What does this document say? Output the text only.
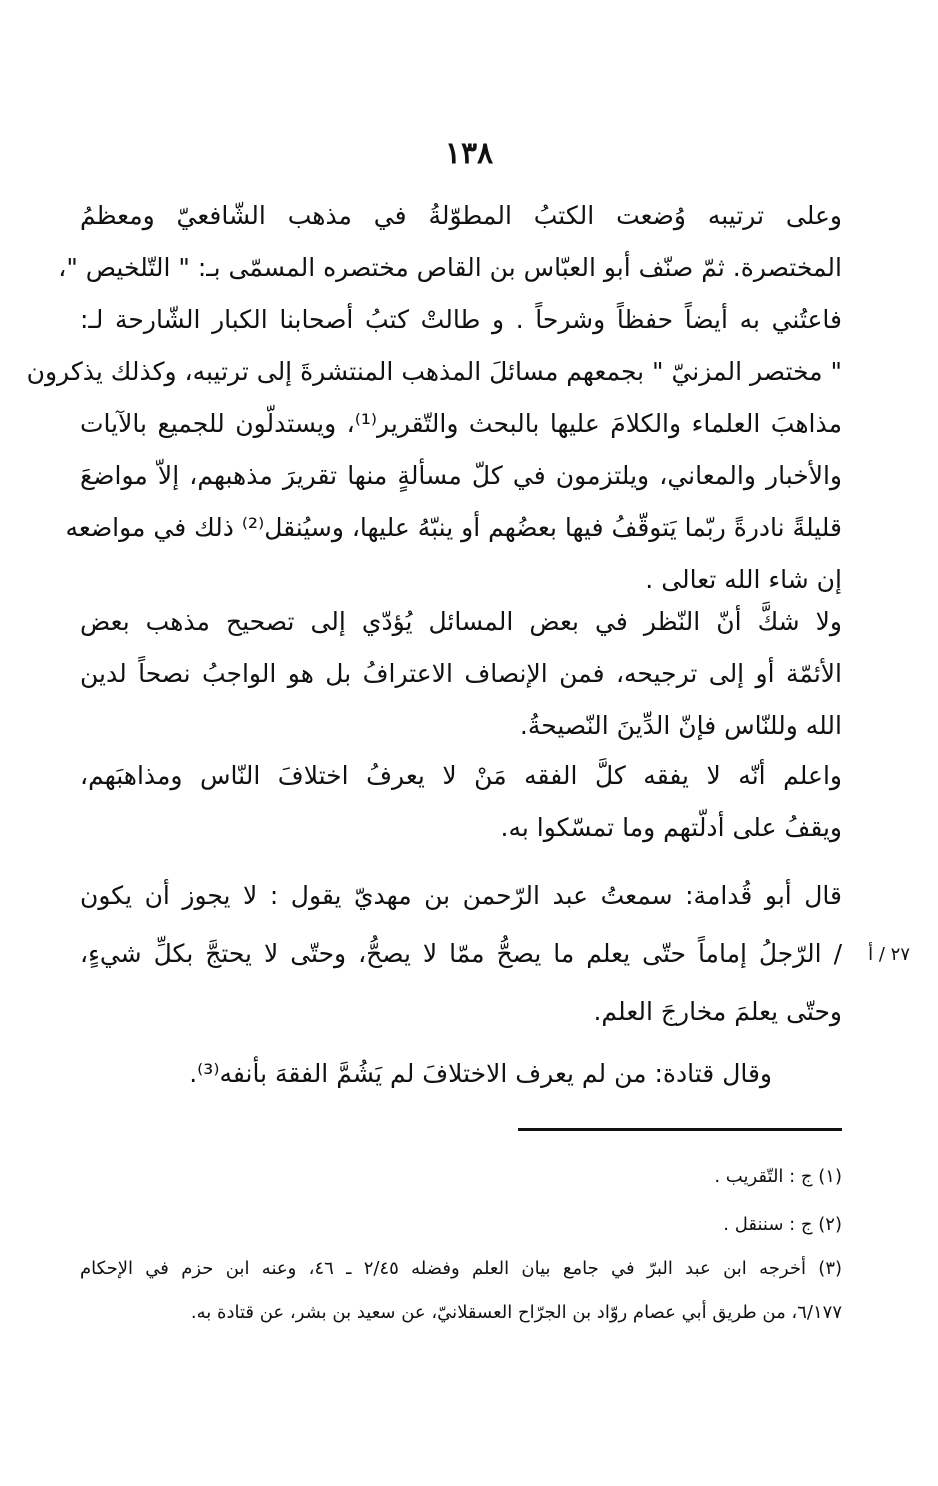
١٣٨
وعلى ترتيبه وُضعت الكتبُ المطوّلةُ في مذهب الشّافعيّ ومعظمُ
المختصرة. ثمّ صنّف أبو العبّاس بن القاص مختصره المسمّى بـ: " التّلخيص "،
فاعتُني به أيضاً حفظاً وشرحاً . و طالتْ كتبُ أصحابنا الكبار الشّارحة لـ:
" مختصر المزنيّ " بجمعهم مسائلَ المذهب المنتشرةَ إلى ترتيبه، وكذلك يذكرون
مذاهبَ العلماء والكلامَ عليها بالبحث والتّقرير⁽¹⁾، ويستدلّون للجميع بالآيات
والأخبار والمعاني، ويلتزمون في كلّ مسألةٍ منها تقريرَ مذهبهم، إلاّ مواضعَ
قليلةً نادرةً ربّما يَتوقّفُ فيها بعضُهم أو ينبّهُ عليها، وسيُنقل⁽²⁾ ذلك في مواضعه
إن شاء الله تعالى .
ولا شكَّ أنّ النّظر في بعض المسائل يُؤدّي إلى تصحيح مذهب بعض
الأئمّة أو إلى ترجيحه، فمن الإنصاف الاعترافُ بل هو الواجبُ نصحاً لدين
الله وللنّاس فإنّ الدِّينَ النّصيحةُ.
واعلم أنّه لا يفقه كلَّ الفقه مَنْ لا يعرفُ اختلافَ النّاس ومذاهبَهم،
ويقفُ على أدلّتهم وما تمسّكوا به.
قال أبو قُدامة: سمعتُ عبد الرّحمن بن مهديّ يقول : لا يجوز أن يكون
/ الرّجلُ إماماً حتّى يعلم ما يصحُّ ممّا لا يصحُّ، وحتّى لا يحتجَّ بكلِّ شيءٍ،
وحتّى يعلمَ مخارجَ العلم.
٢٧ / أ
وقال قتادة: من لم يعرف الاختلافَ لم يَشُمَّ الفقهَ بأنفه⁽³⁾.
(١) ج : التّقريب .
(٢) ج : سننقل .
(٣) أخرجه ابن عبد البرّ في جامع بيان العلم وفضله ٢/٤٥ ـ ٤٦، وعنه ابن حزم في الإحكام
٦/١٧٧، من طريق أبي عصام روّاد بن الجرّاح العسقلانيّ، عن سعيد بن بشر، عن قتادة به.
